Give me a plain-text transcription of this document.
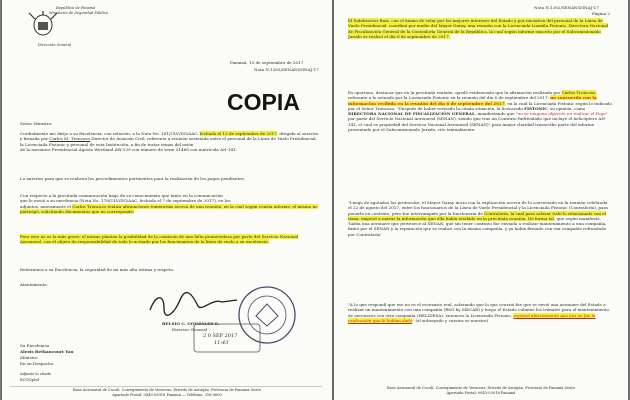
República de Panamá
Ministerio de Seguridad Pública
Dirección General
Panamá, 15 de septiembre de 2017
Nota N.1383/SENAN/DINAJ-17
COPIA
Señor Ministro:
Cordialmente me dirijo a su Excelencia, con relación, a la Nota No. 181/ULV/DG/AAC, fechada el 13 de septiembre de 2017, dirigida al suscrito y firmada por Carlos M. Troncoso Director de Aviación Civil, referente a reunión sostenida entre el personal de la Línea de Vuelo Presidencial, la Licenciada Fistonic y personal de esta Institución, a fin de tratar temas del avión
de la aeronave Presidencial Agusta Westland AW-139 con número de serie 31468 con matrícula AN-141.
Lo anterior para que se realicen los procedimientos pertinentes para la realización de los pagos pendientes.
Con respecto a la precitada comunicación hago de su conocimiento que tanto en la comunicación
que le envió a su excelencia (Nota No. 178/ULV/DG/AAC, fechada el 7 de septiembre de 2017), en los
adjuntos, nuevamente el Carlos Troncoso realiza afirmaciones temerarias acerca de una reunión, en la cual según consta informe, el mismo no participó, solicitando documentos que no corresponde.
Pero este no es la más grave, el mismo plantea la posibilidad de la comisión de una falta prometedora por parte del Servicio Nacional Aeronaval, con el objeto de responsabilidad de todo lo actuado por los funcionarios de la línea de vuelo a su excelencia.
Reiteramos a su Excelencia, la seguridad de mi más alta estima y respeto.
Atentamente,
BELSIO C. GONZÁLEZ S.
Director General
2 0 SEP 2017
11:43
Su Excelencia
Alexis Bethancourt Yau
Ministro
En su Despacho.
Adjunto lo citado
BCGS/pbd
Base Aeronaval de Cocolí, Corregimiento de Veracruz, Distrito de Arraiján, Provincia de Panamá Oeste
Apartado Postal: 0843-03018 Panamá — Teléfono: 316-0600
Nota N.1382/SENAN/DINAJ-17
Página 2
El Subdirector Ruiz, con el ánimo de velar por los mejores intereses del Estado y por iniciativa del personal de la Línea de Vuelo Presidencial, coordinó por medio del Mayor Garay, una reunión con la Licenciada Luzmila Fistonic, Directora Nacional de Fiscalización General de la Contraloría General de la República, la cual según informe suscrito por el Subcomisionado Jurado se realizó el día 6 de septiembre de 2017.
Es oportuno, destacar que en la precitada reunión, quedó evidenciado que la afirmación realizada por Carlos Troncoso, referente a lo actuado por la Licenciada Fistonic en la reunión del día 6 de septiembre del 2017, no concuerda con la información recibida en la reunión del día 6 de septiembre del 2017, en la cual la Licenciada Fistonic según lo indicado por el Señor Troncoso: "Después de haber revisado la citada situación, la licenciada FISTONIC, su opinión, como DIRECTORA NACIONAL DE FISCALIZACIÓN GENERAL, manifestando que "no se ninguna objeción en realizar el Pago" por parte del Servicio Nacional Aeronaval (SENAN), siendo que tras un Contrato Refrendado que incluye el helicóptero AN-141, el cual es propiedad del Servicio Nacional Aeronaval (SENAN)" para mayor claridad transcribo parte del informe presentado por el Subcomisionado Jurado, cito textualmente:
"Luego de agotados los protocolos, el Mayor Garay inicio con la explicación acerca de lo conversado en la reunión celebrada el 22 de agosto del 2017, entre los funcionarios de la Línea de Vuelo Presidencial y la Licenciada Fistonic (Contraloría), para ponerla en contexto, pero fue interrumpido por la funcionaria de Contraloría, la cual para aclarar todo lo relacionado con el tema, empezó a narrar la información que ella había recibido en la precitada reunión. De forma tal, que según manifestó, 'había una aeronave que pertenece al SENAN, que sin tener contrato fue enviada a realizar mantenimiento a una compañía, firmó por el SENAN y la reparación que se realizó con la misma compañía, y ya había firmado con esa compañía refrendado por Contraloría'.
"A lo que respondí que ese no es el escenario real, aclarando que lo que ocurrió fue que se envió una aeronave del Estado a realizar un mantenimiento con una compañía (RSG by MECAR) y luego el Estado culminó los trámites para el mantenimiento de aeronaves con otra compañía (HELIDESA), entonces la Licenciada Fistonic, expresó abiertamente que eso no fue la explicación que le habían dado" (el subrayado y cursiva es nuestro)
Base Aeronaval de Cocolí, Corregimiento de Veracruz, Distrito de Arraiján, Provincia de Panamá Oeste
Apartado Postal: 0843-03018 Panamá
